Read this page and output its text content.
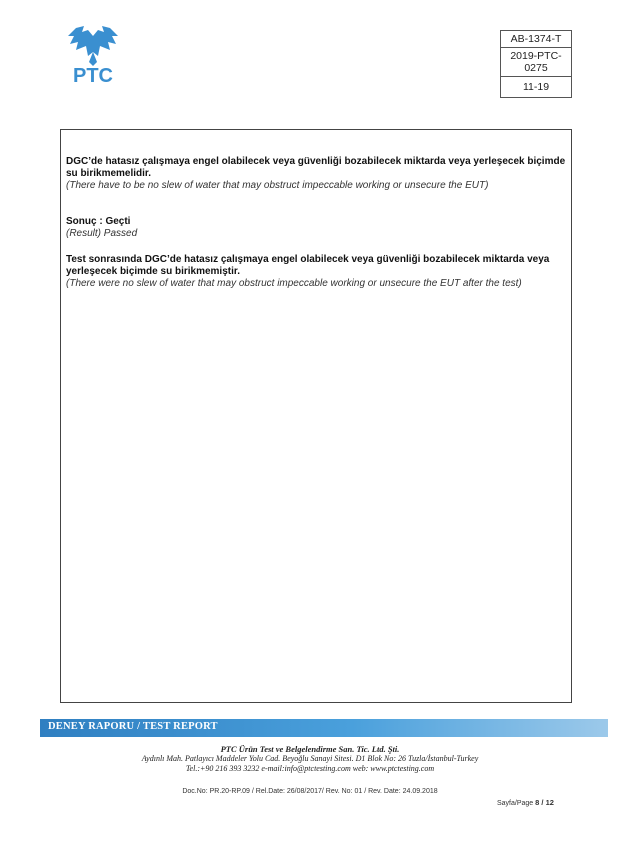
PTC
AB-1374-T
2019-PTC-
0275
11-19
DGC’de hatasız çalışmaya engel olabilecek veya güvenliği bozabilecek miktarda veya yerleşecek biçimde su birikmemelidir.
(There have to be no slew of water that may obstruct impeccable working or unsecure the EUT)
Sonuç : Geçti
(Result) Passed
Test sonrasında DGC’de hatasız çalışmaya engel olabilecek veya güvenliği bozabilecek miktarda veya yerleşecek biçimde su birikmemiştir.
(There were no slew of water that may obstruct impeccable working or unsecure the EUT after the test)
DENEY RAPORU / TEST REPORT
PTC Ürün Test ve Belgelendirme San. Tic. Ltd. Şti.
Aydınlı Mah. Patlayıcı Maddeler Yolu Cad. Beyoğlu Sanayi Sitesi. D1 Blok No: 26 Tuzla/İstanbul-Turkey
Tel.:+90 216 393 3232 e-mail:info@ptctesting.com web: www.ptctesting.com
Doc.No: PR.20-RP.09 / Rel.Date: 26/08/2017/ Rev. No: 01 / Rev. Date: 24.09.2018
Sayfa/Page 8 / 12
